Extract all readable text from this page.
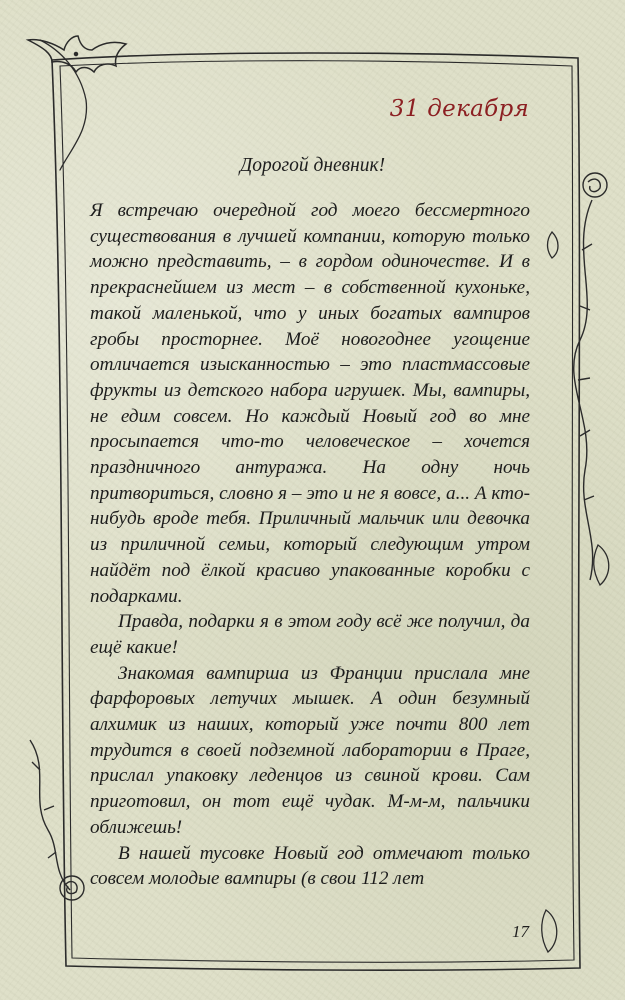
31 декабря
Дорогой дневник!

Я встречаю очередной год моего бессмертного существования в лучшей компании, которую только можно представить, – в гордом одиночестве. И в прекраснейшем из мест – в собственной кухоньке, такой маленькой, что у иных богатых вампиров гробы просторнее. Моё новогоднее угощение отличается изысканностью – это пластмассовые фрукты из детского набора игрушек. Мы, вампиры, не едим совсем. Но каждый Новый год во мне просыпается что-то человеческое – хочется праздничного антуража. На одну ночь притвориться, словно я – это и не я вовсе, а... А кто-нибудь вроде тебя. Приличный мальчик или девочка из приличной семьи, который следующим утром найдёт под ёлкой красиво упакованные коробки с подарками.

Правда, подарки я в этом году всё же получил, да ещё какие!

Знакомая вампирша из Франции прислала мне фарфоровых летучих мышек. А один безумный алхимик из наших, который уже почти 800 лет трудится в своей подземной лаборатории в Праге, прислал упаковку леденцов из свиной крови. Сам приготовил, он тот ещё чудак. М-м-м, пальчики оближешь!

В нашей тусовке Новый год отмечают только совсем молодые вампиры (в свои 112 лет

17
